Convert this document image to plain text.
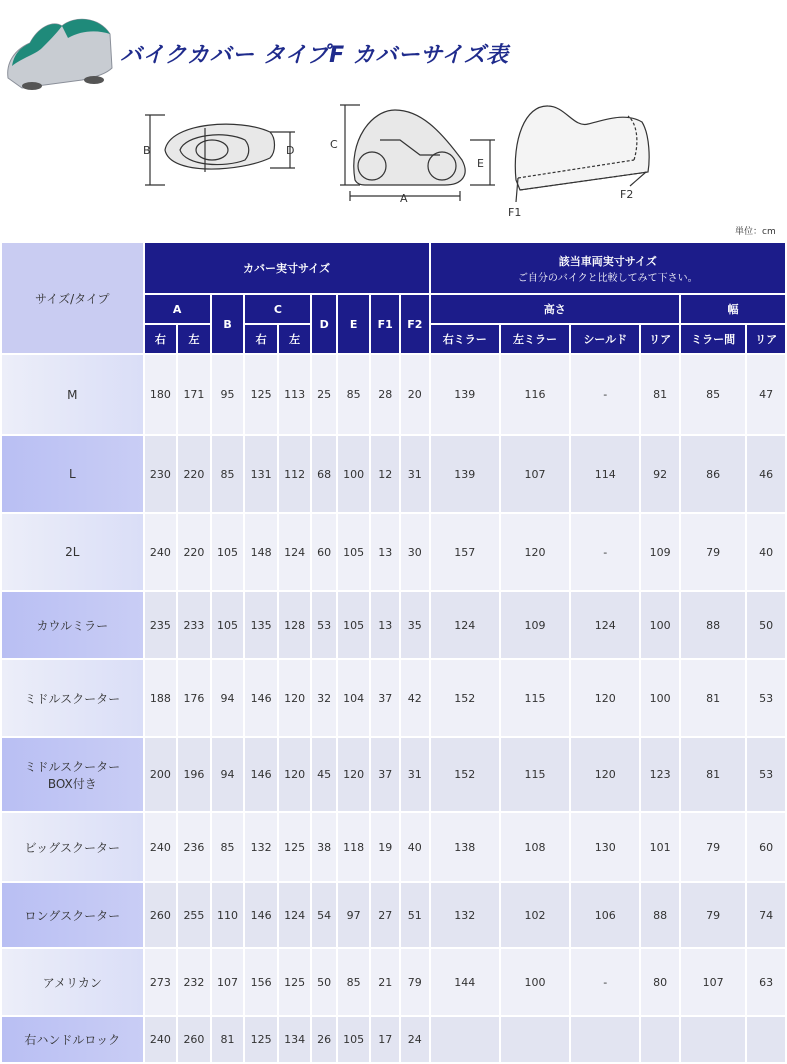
バイクカバー タイプF カバーサイズ表
B	D	C
E
A
F1
F2
単位：cm
サイズ/タイプ	カバー実寸サイズ									該当車両実寸サイズ
ご自分のバイクと比較してみて下さい。					

	A		B	C		D	E	F1	F2	高さ				幅	
	右	左		右	左					右ミラー	左ミラー	シールド	リア	ミラー間	リア

M	180	171	95	125	113	25	85	28	20	139	116	-	81	85	47

L	230	220	85	131	112	68	100	12	31	139	107	114	92	86	46

2L	240	220	105	148	124	60	105	13	30	157	120	-	109	79	40

カウルミラー	235	233	105	135	128	53	105	13	35	124	109	124	100	88	50

ミドルスクーター	188	176	94	146	120	32	104	37	42	152	115	120	100	81	53

ミドルスクーター
BOX付き	200	196	94	146	120	45	120	37	31	152	115	120	123	81	53

ビッグスクーター	240	236	85	132	125	38	118	19	40	138	108	130	101	79	60

ロングスクーター	260	255	110	146	124	54	97	27	51	132	102	106	88	79	74

アメリカン	273	232	107	156	125	50	85	21	79	144	100	-	80	107	63

右ハンドルロック	240	260	81	125	134	26	105	17	24						
